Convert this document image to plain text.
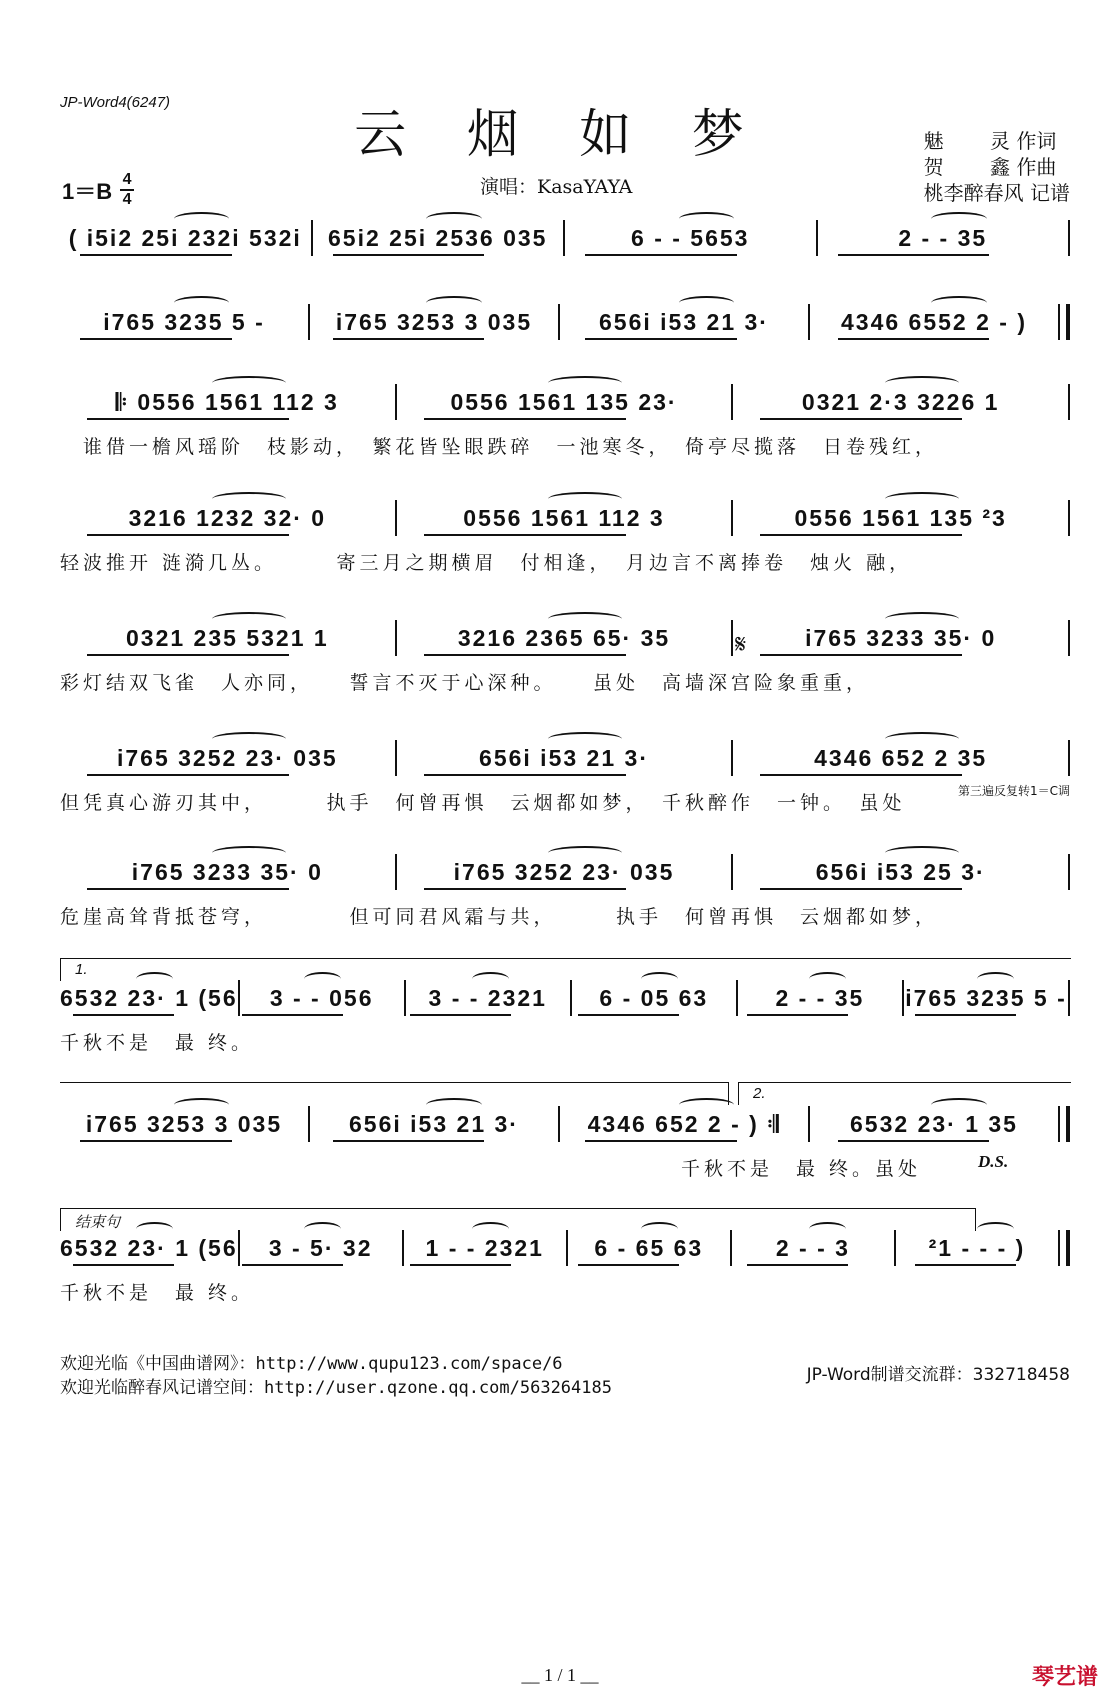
JP-Word4(6247)
云 烟 如 梦	魅　　 灵 作词
贺　　 鑫 作曲
桃李醉春风 记谱
1＝B 4
4
演唱：KasaYAYA
𝄋
第三遍反复转1＝C调
1.
2.
结束句
D.S.
( i5i2 25i 232i 532i	65i2 25i 2536 035	6 - - 5653	2 - - 35
i765 3235 5 -	i765 3253 3 035	656i i53 21 3·	4346 6552 2 - )
𝄆 0556 1561 112 3	0556 1561 135 23·	0321 2·3 3226 1
　谁借一檐风瑶阶　枝影动，　繁花皆坠眼跌碎　一池寒冬，　倚亭尽揽落　日卷残红，
3216 1232 32· 0	0556 1561 112 3	0556 1561 135 ²3
轻波推开 涟漪几丛。　　　寄三月之期横眉　付相逢，　月边言不离捧卷　烛火 融，
0321 235 5321 1	3216 2365 65· 35	i765 3233 35· 0
彩灯结双飞雀　人亦同，　　誓言不灭于心深种。　　虽处　高墙深宫险象重重，
i765 3252 23· 035	656i i53 21 3·	4346 652 2 35
但凭真心游刃其中，　　　执手　何曾再惧　云烟都如梦，　千秋醉作　一钟。　虽处
i765 3233 35· 0	i765 3252 23· 035	656i i53 25 3·
危崖高耸背抵苍穹，　　　　但可同君风霜与共，　　　执手　何曾再惧　云烟都如梦，
6532 23· 1 (56	3 - - 056	3 - - 2321	6 - 05 63	2 - - 35	i765 3235 5 -
千秋不是　最 终。
i765 3253 3 035	656i i53 21 3·	4346 652 2 - ) 𝄇	6532 23· 1 35
　　　　　　　　　　　　　　　　　　　　　　　　　　　千秋不是　最 终。虽处
6532 23· 1 (56	3 - 5· 32	1 - - 2321	6 - 65 63	2 - - 3	²1 - - - )
千秋不是　最 终。
欢迎光临《中国曲谱网》：http://www.qupu123.com/space/6
欢迎光临醉春风记谱空间：http://user.qzone.qq.com/563264185
JP-Word制谱交流群：332718458
__ 1 / 1 __	琴艺谱
